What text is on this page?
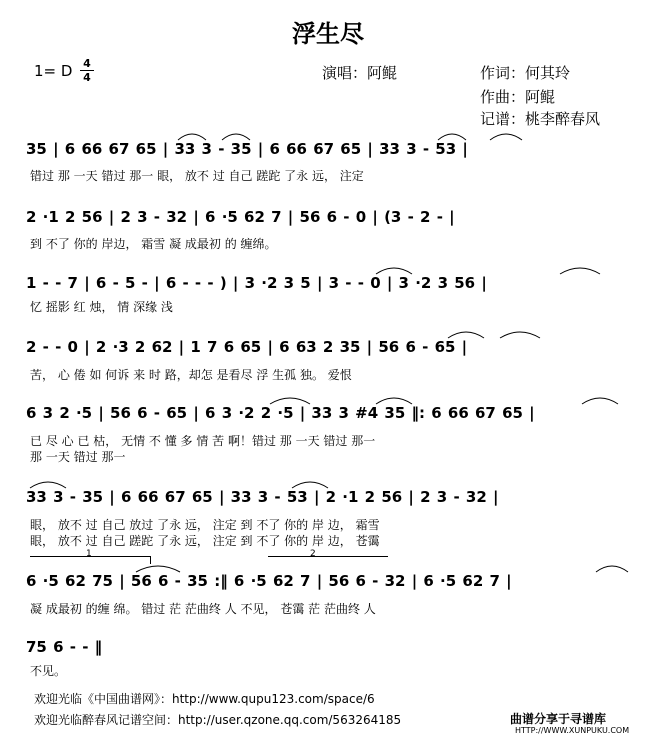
浮生尽
1= D 4
4	演唱：阿鲲	作词：何其玲
作曲：阿鲲
记谱：桃李醉春风
35 | 6 66 67 65 | 33 3 - 35 | 6 66 67 65 | 33 3 - 53 |
错过 那 一天 错过 那一 眼， 放不 过 自己 蹉跎 了永 远， 注定
2 ·1 2 56 | 2 3 - 32 | 6 ·5 62 7 | 56 6 - 0 | (3 - 2 - |
到 不了 你的 岸边， 霜雪 凝 成最初 的 缠绵。
1 - - 7 | 6 - 5 - | 6 - - - ) | 3 ·2 3 5 | 3 - - 0 | 3 ·2 3 56 |
忆 摇影 红 烛， 情 深缘 浅
2 - - 0 | 2 ·3 2 62 | 1 7 6 65 | 6 63 2 35 | 56 6 - 65 |
苦， 心 倦 如 何诉 来 时 路，却怎 是看尽 浮 生孤 独。 爱恨
6 3 2 ·5 | 56 6 - 65 | 6 3 ·2 2 ·5 | 33 3 #4 35 ‖: 6 66 67 65 |
已 尽 心 已 枯， 无情 不 懂 多 情 苦 啊！错过 那 一天 错过 那一
那 一天 错过 那一
33 3 - 35 | 6 66 67 65 | 33 3 - 53 | 2 ·1 2 56 | 2 3 - 32 |
眼， 放不 过 自己 放过 了永 远， 注定 到 不了 你的 岸 边， 霜雪
眼， 放不 过 自己 蹉跎 了永 远， 注定 到 不了 你的 岸 边， 苍霭
1	2
6 ·5 62 75 | 56 6 - 35 :‖ 6 ·5 62 7 | 56 6 - 32 | 6 ·5 62 7 |
凝 成最初 的缠 绵。 错过 茫 茫曲终 人 不见， 苍霭 茫 茫曲终 人
75 6 - - ‖
不见。
欢迎光临《中国曲谱网》：http://www.qupu123.com/space/6
欢迎光临醉春风记谱空间：http://user.qzone.qq.com/563264185	曲谱分享于寻谱库
HTTP://WWW.XUNPUKU.COM
